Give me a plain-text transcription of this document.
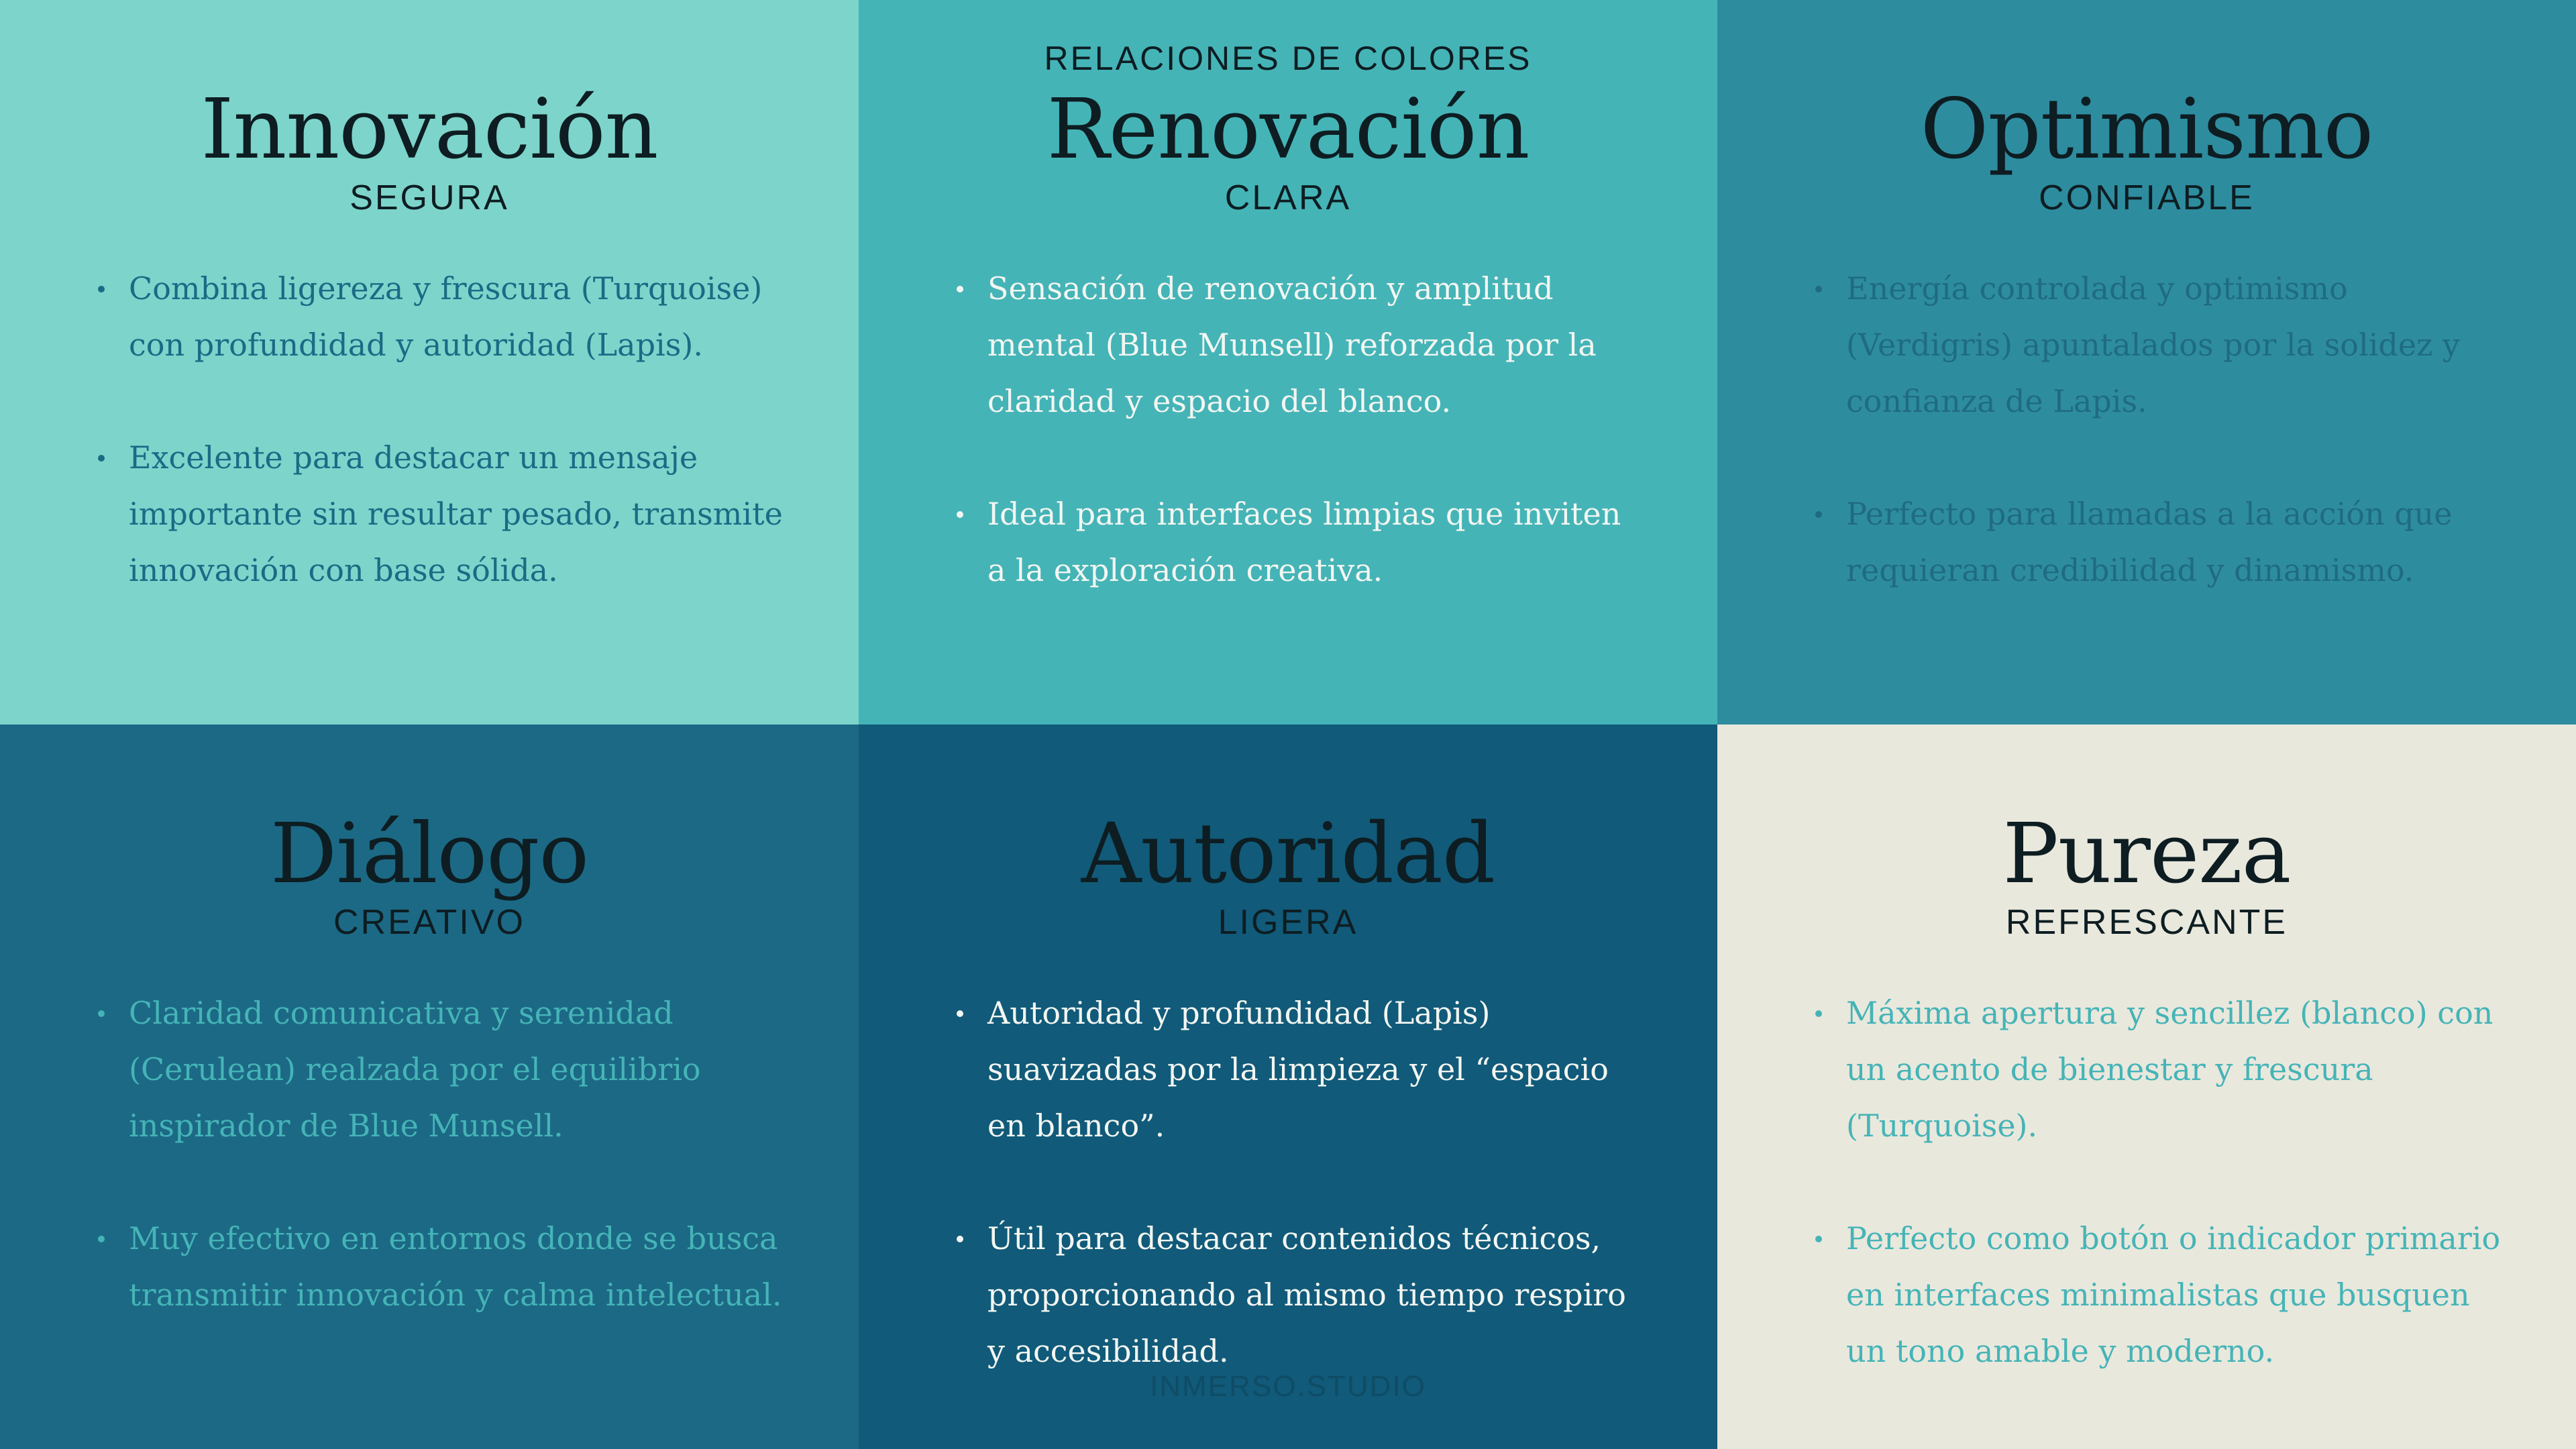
Innovación

SEGURA

Combina ligereza y frescura (Turquoise) con profundidad y autoridad (Lapis).
Excelente para destacar un mensaje importante sin resultar pesado, transmite innovación con base sólida.
Renovación

CLARA

Sensación de renovación y amplitud mental (Blue Munsell) reforzada por la claridad y espacio del blanco.
Ideal para interfaces limpias que inviten a la exploración creativa.
Optimismo

CONFIABLE

Energía controlada y optimismo (Verdigris) apuntalados por la solidez y confianza de Lapis.
Perfecto para llamadas a la acción que requieran credibilidad y dinamismo.
Diálogo

CREATIVO

Claridad comunicativa y serenidad (Cerulean) realzada por el equilibrio inspirador de Blue Munsell.
Muy efectivo en entornos donde se busca transmitir innovación y calma intelectual.
Autoridad

LIGERA

Autoridad y profundidad (Lapis) suavizadas por la limpieza y el “espacio en blanco”.
Útil para destacar contenidos técnicos, proporcionando al mismo tiempo respiro y accesibilidad.
Pureza

REFRESCANTE

Máxima apertura y sencillez (blanco) con un acento de bienestar y frescura (Turquoise).
Perfecto como botón o indicador primario en interfaces minimalistas que busquen un tono amable y moderno.

RELACIONES DE COLORES

INMERSO.STUDIO
